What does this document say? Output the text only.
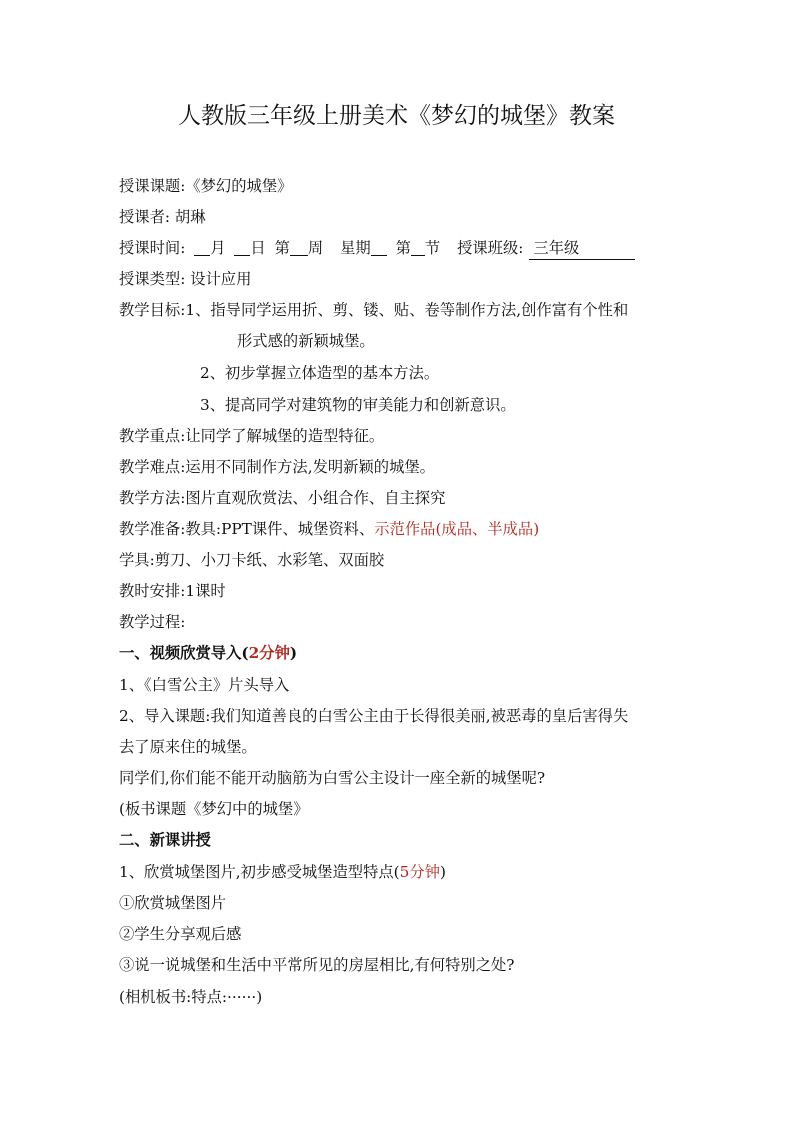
人教版三年级上册美术《梦幻的城堡》教案
授课课题:《梦幻的城堡》
授课者: 胡琳
授课时间: 月 日 第 周 星期 第 节 授课班级: 三年级
授课类型: 设计应用
教学目标:1、指导同学运用折、剪、镂、贴、卷等制作方法,创作富有个性和
形式感的新颖城堡。
2、初步掌握立体造型的基本方法。
3、提高同学对建筑物的审美能力和创新意识。
教学重点:让同学了解城堡的造型特征。
教学难点:运用不同制作方法,发明新颖的城堡。
教学方法:图片直观欣赏法、小组合作、自主探究
教学准备:教具:PPT课件、城堡资料、示范作品(成品、半成品)
学具:剪刀、小刀卡纸、水彩笔、双面胶
教时安排:1课时
教学过程:
一、视频欣赏导入(2分钟)
1、《白雪公主》片头导入
2、导入课题:我们知道善良的白雪公主由于长得很美丽,被恶毒的皇后害得失
去了原来住的城堡。
同学们,你们能不能开动脑筋为白雪公主设计一座全新的城堡呢?
(板书课题《梦幻中的城堡》
二、新课讲授
1、欣赏城堡图片,初步感受城堡造型特点(5分钟)
①欣赏城堡图片
②学生分享观后感
③说一说城堡和生活中平常所见的房屋相比,有何特别之处?
(相机板书:特点:······)
